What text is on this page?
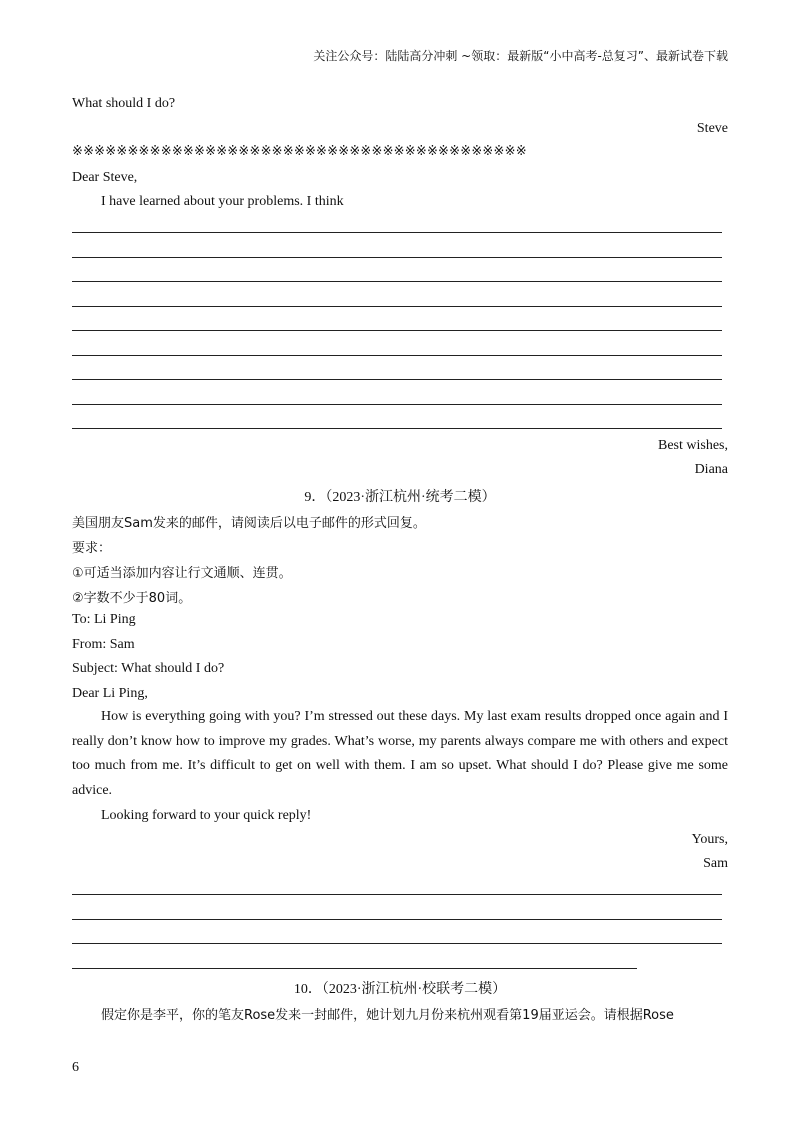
关注公众号：陆陆高分冲刺 ~领取：最新版“小中高考-总复习”、最新试卷下载
What should I do?
Steve
※※※※※※※※※※※※※※※※※※※※※※※※※※※※※※※※※※※※※※※※※
Dear Steve,
I have learned about your problems. I think
Best wishes,
Diana
9．（2023·浙江杭州·统考二模）
美国朋友Sam发来的邮件，请阅读后以电子邮件的形式回复。
要求：
①可适当添加内容让行文通顺、连贯。
②字数不少于80词。
To: Li Ping
From: Sam
Subject: What should I do?
Dear Li Ping,
How is everything going with you? I’m stressed out these days. My last exam results dropped once again and I really don’t know how to improve my grades. What’s worse, my parents always compare me with others and expect too much from me. It’s difficult to get on well with them. I am so upset. What should I do? Please give me some advice.
Looking forward to your quick reply!
Yours,
Sam
10．（2023·浙江杭州·校联考二模）
假定你是李平，你的笔友Rose发来一封邮件，她计划九月份来杭州观看第19届亚运会。请根据Rose
6
